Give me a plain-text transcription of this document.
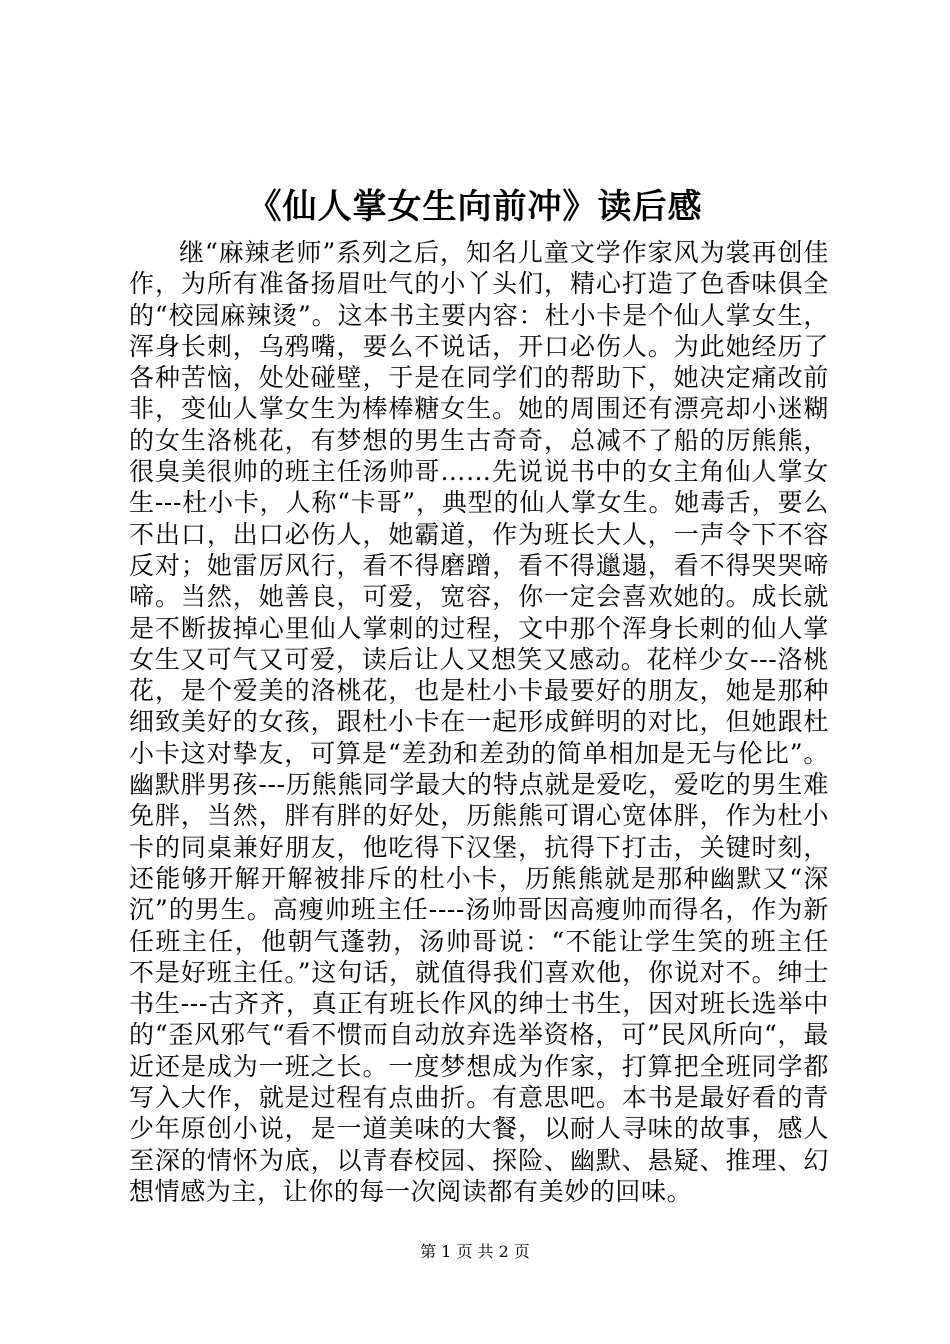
《仙人掌女生向前冲》读后感

继“麻辣老师”系列之后，知名儿童文学作家风为裳再创佳作，为所有准备扬眉吐气的小丫头们，精心打造了色香味俱全的“校园麻辣烫”。这本书主要内容：杜小卡是个仙人掌女生，浑身长刺，乌鸦嘴，要么不说话，开口必伤人。为此她经历了各种苦恼，处处碰壁，于是在同学们的帮助下，她决定痛改前非，变仙人掌女生为棒棒糖女生。她的周围还有漂亮却小迷糊的女生洛桃花，有梦想的男生古奇奇，总减不了船的厉熊熊，很臭美很帅的班主任汤帅哥……先说说书中的女主角仙人掌女生---杜小卡，人称“卡哥”，典型的仙人掌女生。她毒舌，要么不出口，出口必伤人，她霸道，作为班长大人，一声令下不容反对；她雷厉风行，看不得磨蹭，看不得邋遢，看不得哭哭啼啼。当然，她善良，可爱，宽容，你一定会喜欢她的。成长就是不断拔掉心里仙人掌刺的过程，文中那个浑身长刺的仙人掌女生又可气又可爱，读后让人又想笑又感动。花样少女---洛桃花，是个爱美的洛桃花，也是杜小卡最要好的朋友，她是那种细致美好的女孩，跟杜小卡在一起形成鲜明的对比，但她跟杜小卡这对挚友，可算是“差劲和差劲的简单相加是无与伦比”。幽默胖男孩---历熊熊同学最大的特点就是爱吃，爱吃的男生难免胖，当然，胖有胖的好处，历熊熊可谓心宽体胖，作为杜小卡的同桌兼好朋友，他吃得下汉堡，抗得下打击，关键时刻，还能够开解开解被排斥的杜小卡，历熊熊就是那种幽默又“深沉”的男生。高瘦帅班主任----汤帅哥因高瘦帅而得名，作为新任班主任，他朝气蓬勃，汤帅哥说：“不能让学生笑的班主任不是好班主任。”这句话，就值得我们喜欢他，你说对不。绅士书生---古齐齐，真正有班长作风的绅士书生，因对班长选举中的“歪风邪气“看不惯而自动放弃选举资格，可”民风所向“，最近还是成为一班之长。一度梦想成为作家，打算把全班同学都写入大作，就是过程有点曲折。有意思吧。本书是最好看的青少年原创小说，是一道美味的大餐，以耐人寻味的故事，感人至深的情怀为底，以青春校园、探险、幽默、悬疑、推理、幻想情感为主，让你的每一次阅读都有美妙的回味。

第 1 页 共 2 页
